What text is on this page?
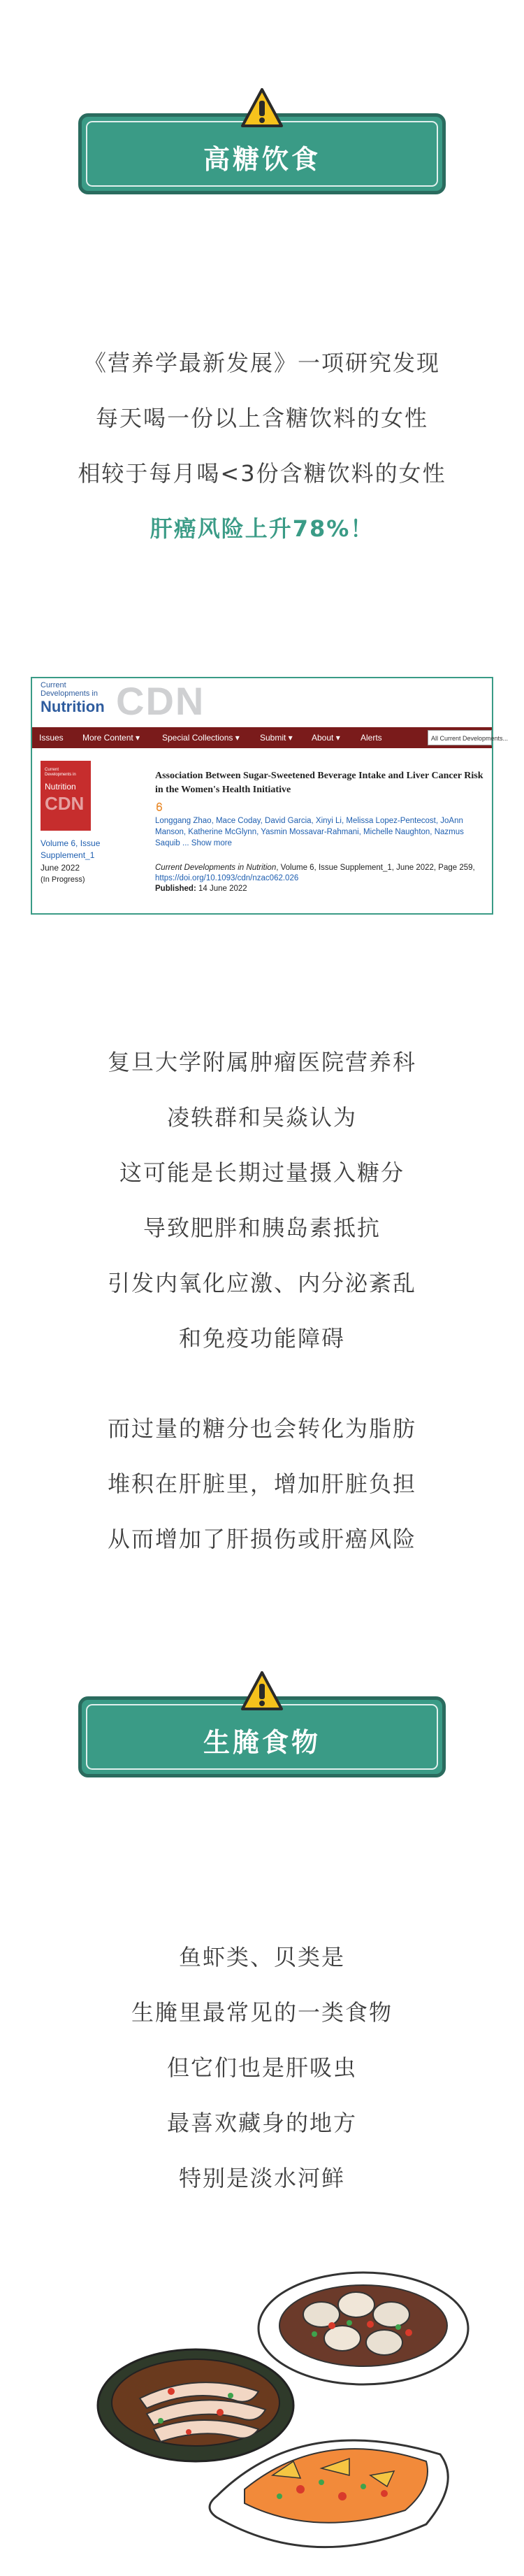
高糖饮食
《营养学最新发展》一项研究发现
每天喝一份以上含糖饮料的女性
相较于每月喝<3份含糖饮料的女性
肝癌风险上升78%！
Current
Developments in
Nutrition CDN
Issues More Content ▾	Special Collections ▾ Submit ▾ About ▾ Alerts	All Current Developments...
Current
Developments in
Nutrition
CDN
Volume 6, Issue
Supplement_1
June 2022
(In Progress)
Association Between Sugar-Sweetened Beverage Intake and Liver Cancer Risk in the Women's Health Initiative
Longgang Zhao, Mace Coday, David Garcia, Xinyi Li, Melissa Lopez-Pentecost, JoAnn Manson, Katherine McGlynn, Yasmin Mossavar-Rahmani, Michelle Naughton, Nazmus Saquib ... Show more
Current Developments in Nutrition, Volume 6, Issue Supplement_1, June 2022, Page 259, https://doi.org/10.1093/cdn/nzac062.026
Published: 14 June 2022
复旦大学附属肿瘤医院营养科
凌轶群和吴焱认为
这可能是长期过量摄入糖分
导致肥胖和胰岛素抵抗
引发内氧化应激、内分泌紊乱
和免疫功能障碍
而过量的糖分也会转化为脂肪
堆积在肝脏里，增加肝脏负担
从而增加了肝损伤或肝癌风险
生腌食物
鱼虾类、贝类是
生腌里最常见的一类食物
但它们也是肝吸虫
最喜欢藏身的地方
特别是淡水河鲜
